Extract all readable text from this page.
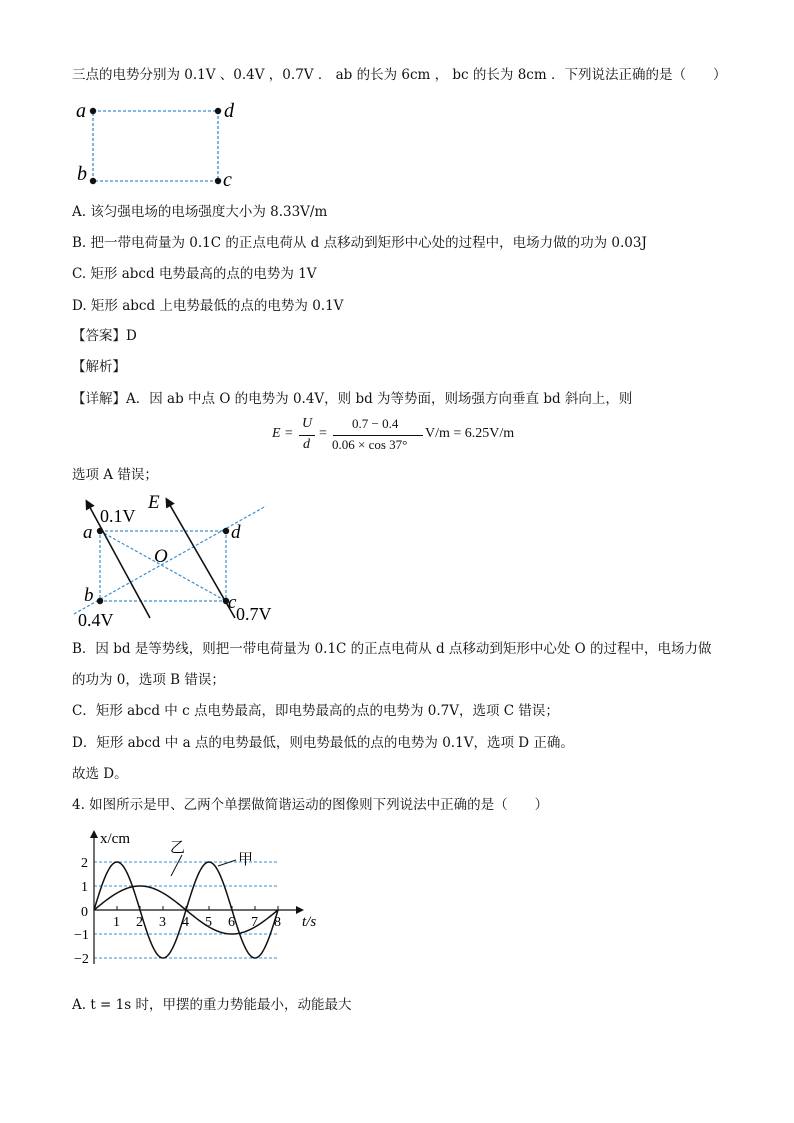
三点的电势分别为 0.1V 、0.4V ，0.7V ． ab 的长为 6cm ， bc 的长为 8cm ．下列说法正确的是（　　）
a	d
b	c
A. 该匀强电场的电场强度大小为 8.33V/m
B. 把一带电荷量为 0.1C 的正点电荷从 d 点移动到矩形中心处的过程中，电场力做的功为 0.03J
C. 矩形 abcd 电势最高的点的电势为 1V
D. 矩形 abcd 上电势最低的点的电势为 0.1V
【答案】D
【解析】
【详解】A．因 ab 中点 O 的电势为 0.4V，则 bd 为等势面，则场强方向垂直 bd 斜向上，则
E =
U
d
=
0.7 − 0.4
0.06 × cos 37°
V/m = 6.25V/m
选项 A 错误；
0.1V
E
a	d
O
b	c
0.4V	0.7V
B．因 bd 是等势线，则把一带电荷量为 0.1C 的正点电荷从 d 点移动到矩形中心处 O 的过程中，电场力做
的功为 0，选项 B 错误；
C．矩形 abcd 中 c 点电势最高，即电势最高的点的电势为 0.7V，选项 C 错误；
D．矩形 abcd 中 a 点的电势最低，则电势最低的点的电势为 0.1V，选项 D 正确。
故选 D。
4. 如图所示是甲、乙两个单摆做简谐运动的图像则下列说法中正确的是（　　）
1 2 3 4 5 6 7 8
2
1
−1
−2
x/cm
t/s
0
乙
甲
A. t = 1s 时，甲摆的重力势能最小，动能最大
